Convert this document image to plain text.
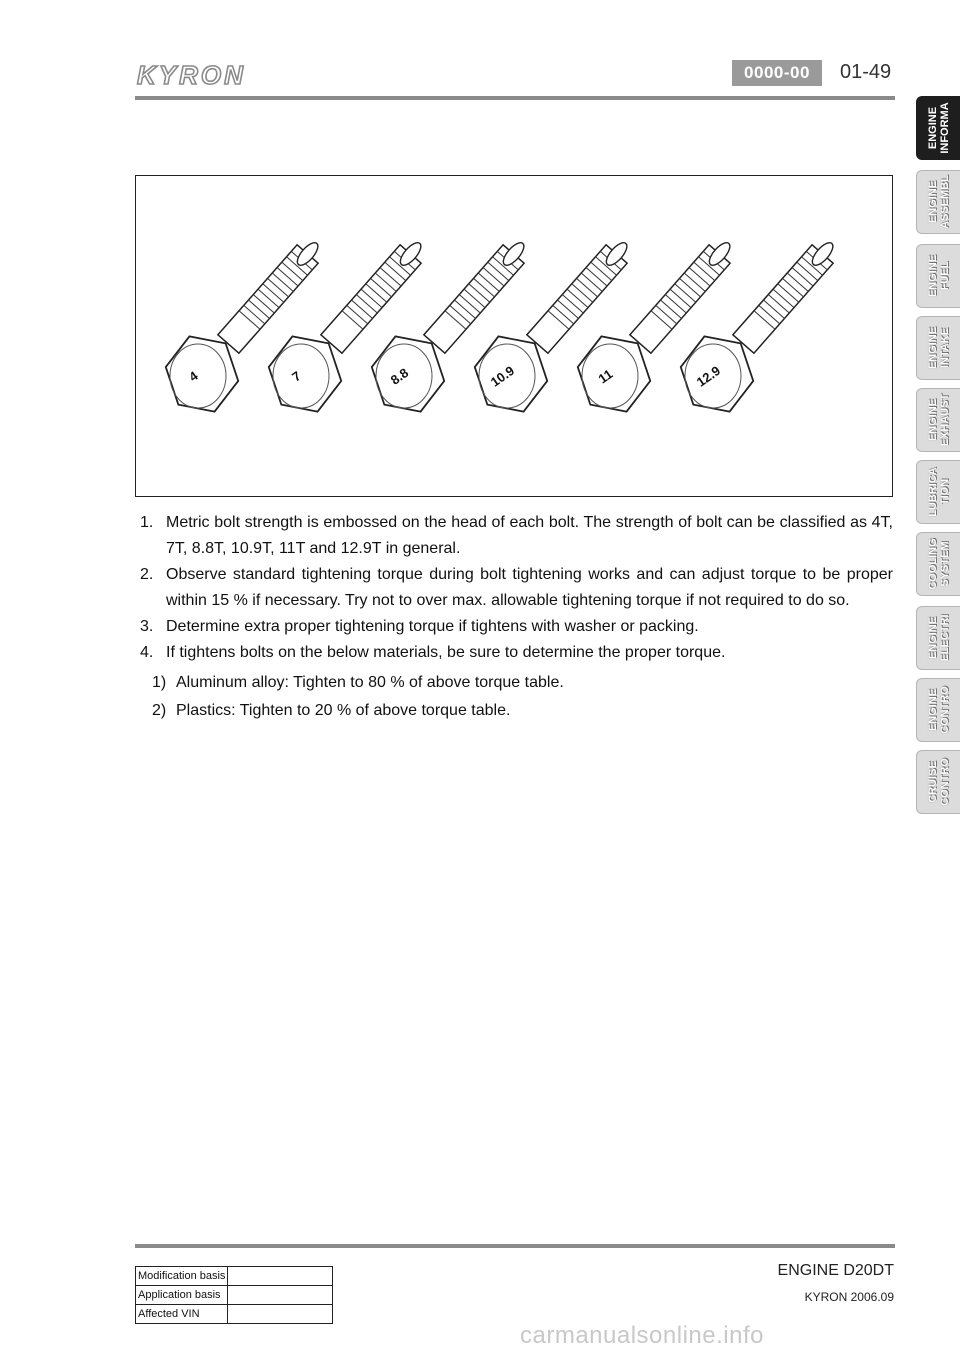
KYRON	0000-00	01-49
ENGINE
INFORMA
ENGINE
ASSEMBL
ENGINE
FUEL
ENGINE
INTAKE
ENGINE
EXHAUST
LUBRICA
TION
COOLING
SYSTEM
ENGINE
ELECTRI
ENGINE
CONTRO
CRUISE
CONTRO
4	7	8.8	10.9	11	12.9
1. Metric bolt strength is embossed on the head of each bolt. The strength of bolt can be classified as 4T, 7T, 8.8T, 10.9T, 11T and 12.9T in general.
2. Observe standard tightening torque during bolt tightening works and can adjust torque to be proper within 15 % if necessary. Try not to over max. allowable tightening torque if not required to do so.
3. Determine extra proper tightening torque if tightens with washer or packing.
4. If tightens bolts on the below materials, be sure to determine the proper torque.
1) Aluminum alloy: Tighten to 80 % of above torque table.
2) Plastics: Tighten to 20 % of above torque table.
ENGINE D20DT
KYRON 2006.09
Modification basis	
Application basis	
Affected VIN	
carmanualsonline.info
